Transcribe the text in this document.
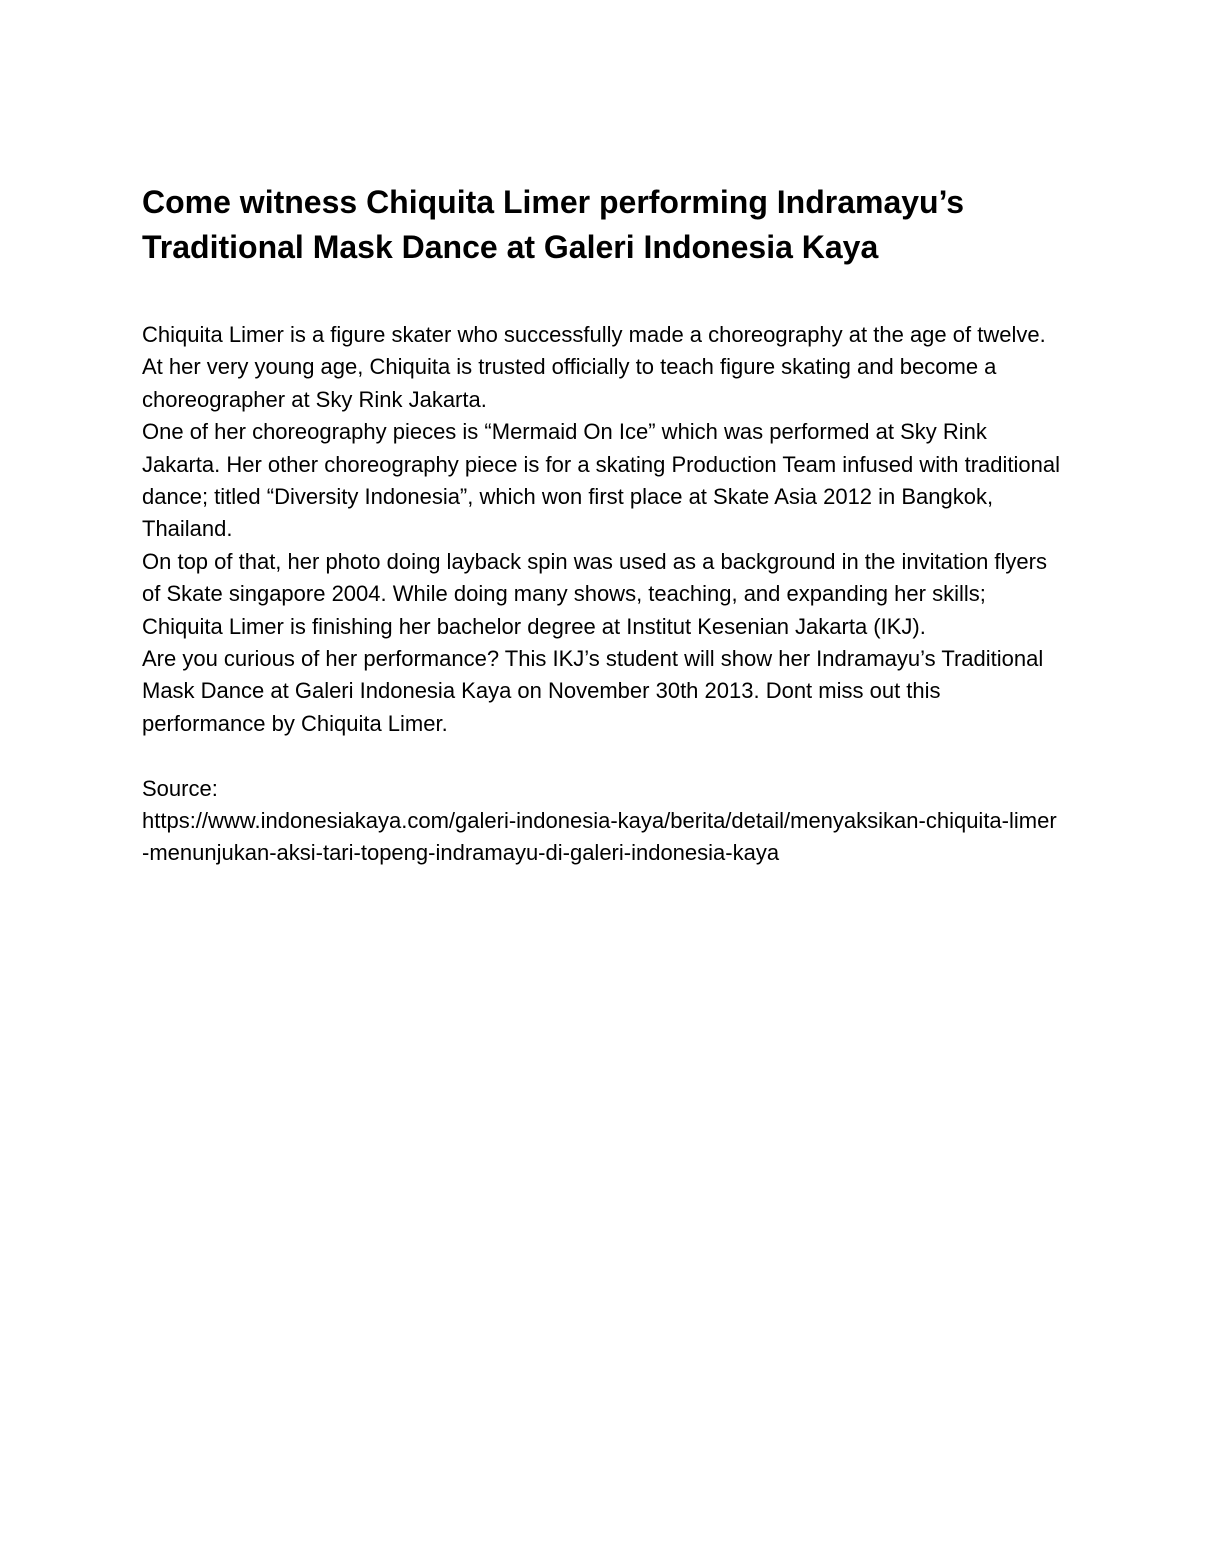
Come witness Chiquita Limer performing Indramayu’s
Traditional Mask Dance at Galeri Indonesia Kaya

Chiquita Limer is a figure skater who successfully made a choreography at the age of twelve. At her very young age, Chiquita is trusted officially to teach figure skating and become a choreographer at Sky Rink Jakarta.

One of her choreography pieces is “Mermaid On Ice” which was performed at Sky Rink Jakarta. Her other choreography piece is for a skating Production Team infused with traditional dance; titled “Diversity Indonesia”, which won first place at Skate Asia 2012 in Bangkok, Thailand.

On top of that, her photo doing layback spin was used as a background in the invitation flyers of Skate singapore 2004. While doing many shows, teaching, and expanding her skills; Chiquita Limer is finishing her bachelor degree at Institut Kesenian Jakarta (IKJ).

Are you curious of her performance? This IKJ’s student will show her Indramayu’s Traditional Mask Dance at Galeri Indonesia Kaya on November 30th 2013. Dont miss out this performance by Chiquita Limer.

Source:

https://www.indonesiakaya.com/galeri-indonesia-kaya/berita/detail/menyaksikan-chiquita-limer-menunjukan-aksi-tari-topeng-indramayu-di-galeri-indonesia-kaya
